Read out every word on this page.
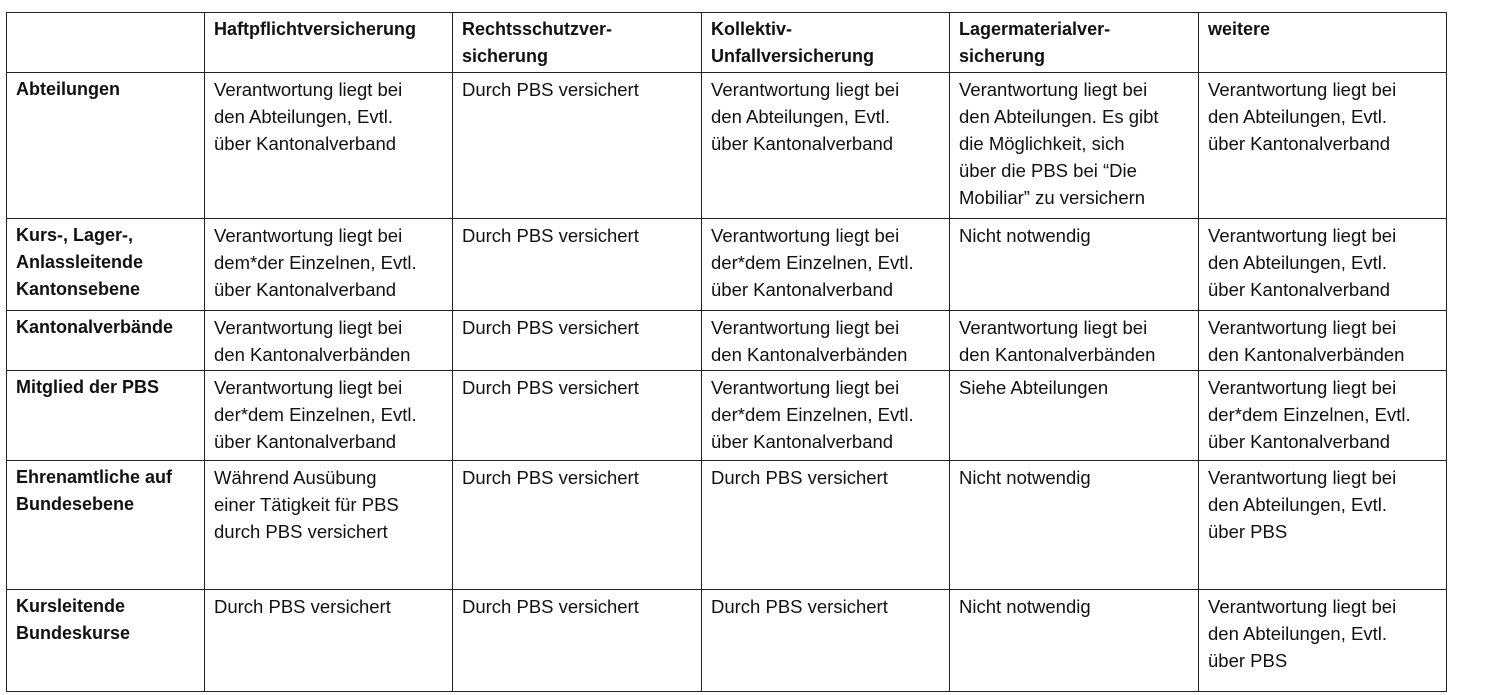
	Haftpflichtversicherung	Rechtsschutzver-
sicherung	Kollektiv-
Unfallversicherung	Lagermaterialver-
sicherung	weitere
Abteilungen	Verantwortung liegt bei
den Abteilungen, Evtl.
über Kantonalverband	Durch PBS versichert	Verantwortung liegt bei
den Abteilungen, Evtl.
über Kantonalverband	Verantwortung liegt bei
den Abteilungen. Es gibt
die Möglichkeit, sich
über die PBS bei “Die
Mobiliar” zu versichern	Verantwortung liegt bei
den Abteilungen, Evtl.
über Kantonalverband
Kurs-, Lager-,
Anlassleitende
Kantonsebene	Verantwortung liegt bei
dem*der Einzelnen, Evtl.
über Kantonalverband	Durch PBS versichert	Verantwortung liegt bei
der*dem Einzelnen, Evtl.
über Kantonalverband	Nicht notwendig	Verantwortung liegt bei
den Abteilungen, Evtl.
über Kantonalverband
Kantonalverbände	Verantwortung liegt bei
den Kantonalverbänden	Durch PBS versichert	Verantwortung liegt bei
den Kantonalverbänden	Verantwortung liegt bei
den Kantonalverbänden	Verantwortung liegt bei
den Kantonalverbänden
Mitglied der PBS	Verantwortung liegt bei
der*dem Einzelnen, Evtl.
über Kantonalverband	Durch PBS versichert	Verantwortung liegt bei
der*dem Einzelnen, Evtl.
über Kantonalverband	Siehe Abteilungen	Verantwortung liegt bei
der*dem Einzelnen, Evtl.
über Kantonalverband
Ehrenamtliche auf
Bundesebene	Während Ausübung
einer Tätigkeit für PBS
durch PBS versichert	Durch PBS versichert	Durch PBS versichert	Nicht notwendig	Verantwortung liegt bei
den Abteilungen, Evtl.
über PBS
Kursleitende
Bundeskurse	Durch PBS versichert	Durch PBS versichert	Durch PBS versichert	Nicht notwendig	Verantwortung liegt bei
den Abteilungen, Evtl.
über PBS
